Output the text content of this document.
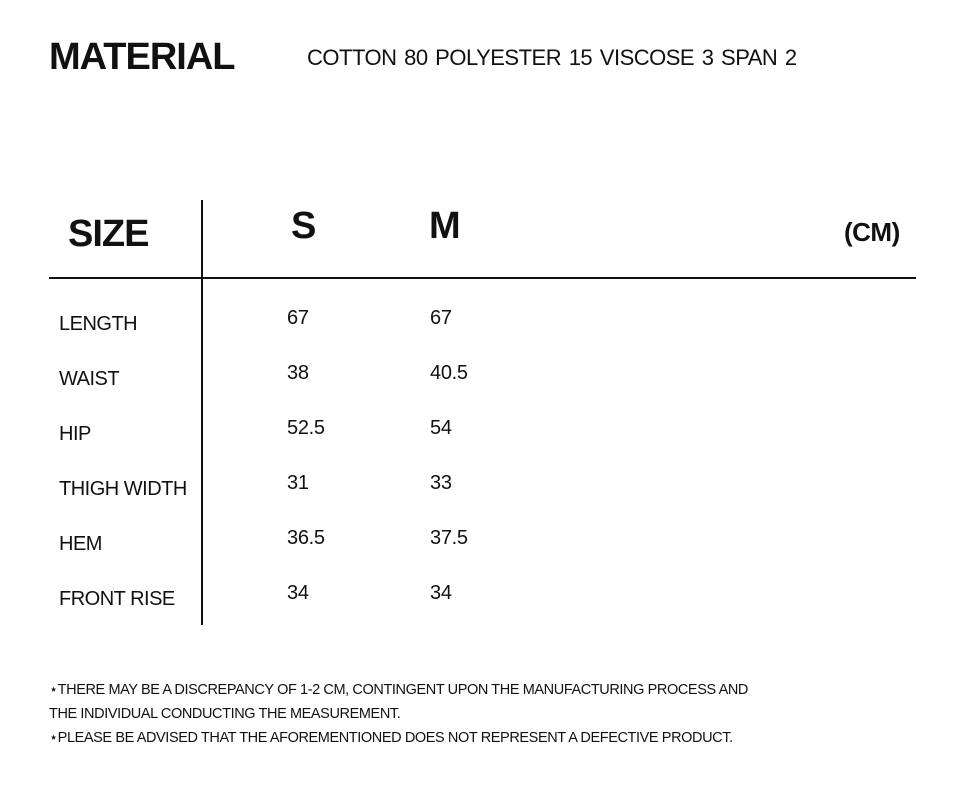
MATERIAL	COTTON 80 POLYESTER 15 VISCOSE 3 SPAN 2
SIZE	S	M	(CM)
LENGTH	67	67
WAIST	38	40.5
HIP	52.5	54
THIGH WIDTH	31	33
HEM	36.5	37.5
FRONT RISE	34	34
⋆THERE MAY BE A DISCREPANCY OF 1-2 CM, CONTINGENT UPON THE MANUFACTURING PROCESS AND
THE INDIVIDUAL CONDUCTING THE MEASUREMENT.
⋆PLEASE BE ADVISED THAT THE AFOREMENTIONED DOES NOT REPRESENT A DEFECTIVE PRODUCT.
